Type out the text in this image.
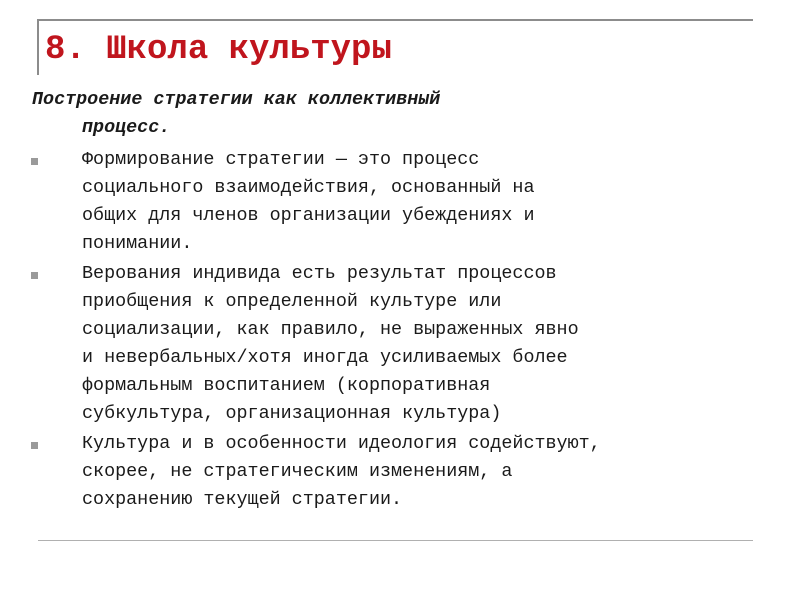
8. Школа культуры

Построение стратегии как коллективный
процесс.

Формирование стратегии — это процесс
социального взаимодействия, основанный на
общих для членов организации убеждениях и
понимании.
Верования индивида есть результат процессов
приобщения к определенной культуре или
социализации, как правило, не выраженных явно
и невербальных/хотя иногда усиливаемых более
формальным воспитанием (корпоративная
субкультура, организационная культура)
Культура и в особенности идеология содействуют,
скорее, не стратегическим изменениям, а
сохранению текущей стратегии.
